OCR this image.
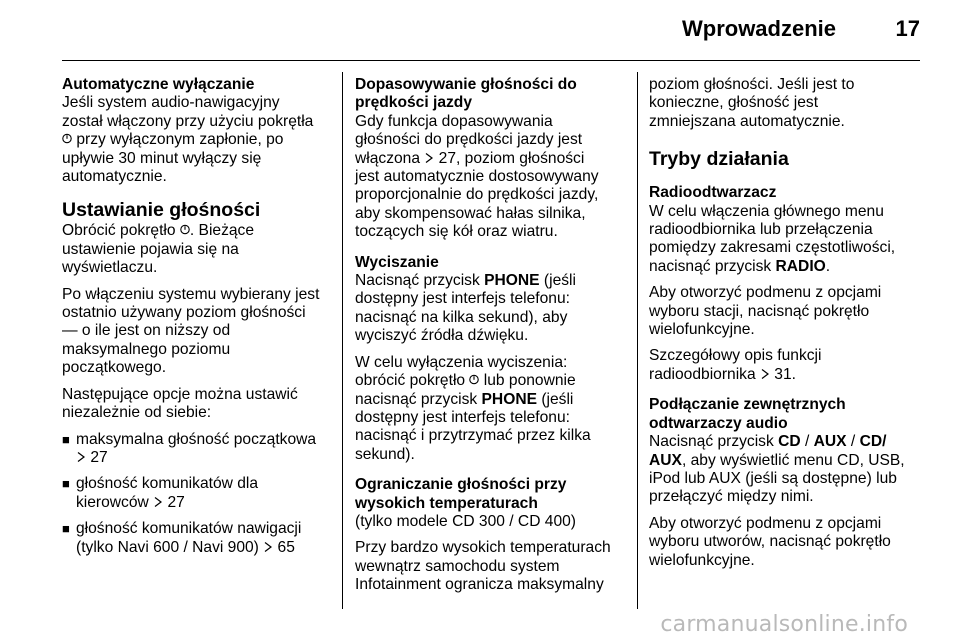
Wprowadzenie	17
Automatyczne wyłączanie
Jeśli system audio-nawigacyjny
został włączony przy użyciu pokrętła
przy wyłączonym zapłonie, po
upływie 30 minut wyłączy się
automatycznie.
Ustawianie głośności
Obrócić pokrętło . Bieżące
ustawienie pojawia się na
wyświetlaczu.
Po włączeniu systemu wybierany jest
ostatnio używany poziom głośności
— o ile jest on niższy od
maksymalnego poziomu
początkowego.
Następujące opcje można ustawić
niezależnie od siebie:
■ maksymalna głośność początkowa
27
■ głośność komunikatów dla
kierowców  27
■ głośność komunikatów nawigacji
(tylko Navi 600 / Navi 900)  65
Dopasowywanie głośności do
prędkości jazdy
Gdy funkcja dopasowywania
głośności do prędkości jazdy jest
włączona  27, poziom głośności
jest automatycznie dostosowywany
proporcjonalnie do prędkości jazdy,
aby skompensować hałas silnika,
toczących się kół oraz wiatru.
Wyciszanie
Nacisnąć przycisk PHONE (jeśli
dostępny jest interfejs telefonu:
nacisnąć na kilka sekund), aby
wyciszyć źródła dźwięku.
W celu wyłączenia wyciszenia:
obrócić pokrętło  lub ponownie
nacisnąć przycisk PHONE (jeśli
dostępny jest interfejs telefonu:
nacisnąć i przytrzymać przez kilka
sekund).
Ograniczanie głośności przy
wysokich temperaturach
(tylko modele CD 300 / CD 400)
Przy bardzo wysokich temperaturach
wewnątrz samochodu system
Infotainment ogranicza maksymalny
poziom głośności. Jeśli jest to
konieczne, głośność jest
zmniejszana automatycznie.
Tryby działania
Radioodtwarzacz
W celu włączenia głównego menu
radioodbiornika lub przełączenia
pomiędzy zakresami częstotliwości,
nacisnąć przycisk RADIO.
Aby otworzyć podmenu z opcjami
wyboru stacji, nacisnąć pokrętło
wielofunkcyjne.
Szczegółowy opis funkcji
radioodbiornika  31.
Podłączanie zewnętrznych
odtwarzaczy audio
Nacisnąć przycisk CD / AUX / CD/
AUX, aby wyświetlić menu CD, USB,
iPod lub AUX (jeśli są dostępne) lub
przełączyć między nimi.
Aby otworzyć podmenu z opcjami
wyboru utworów, nacisnąć pokrętło
wielofunkcyjne.
carmanualsonline.info
